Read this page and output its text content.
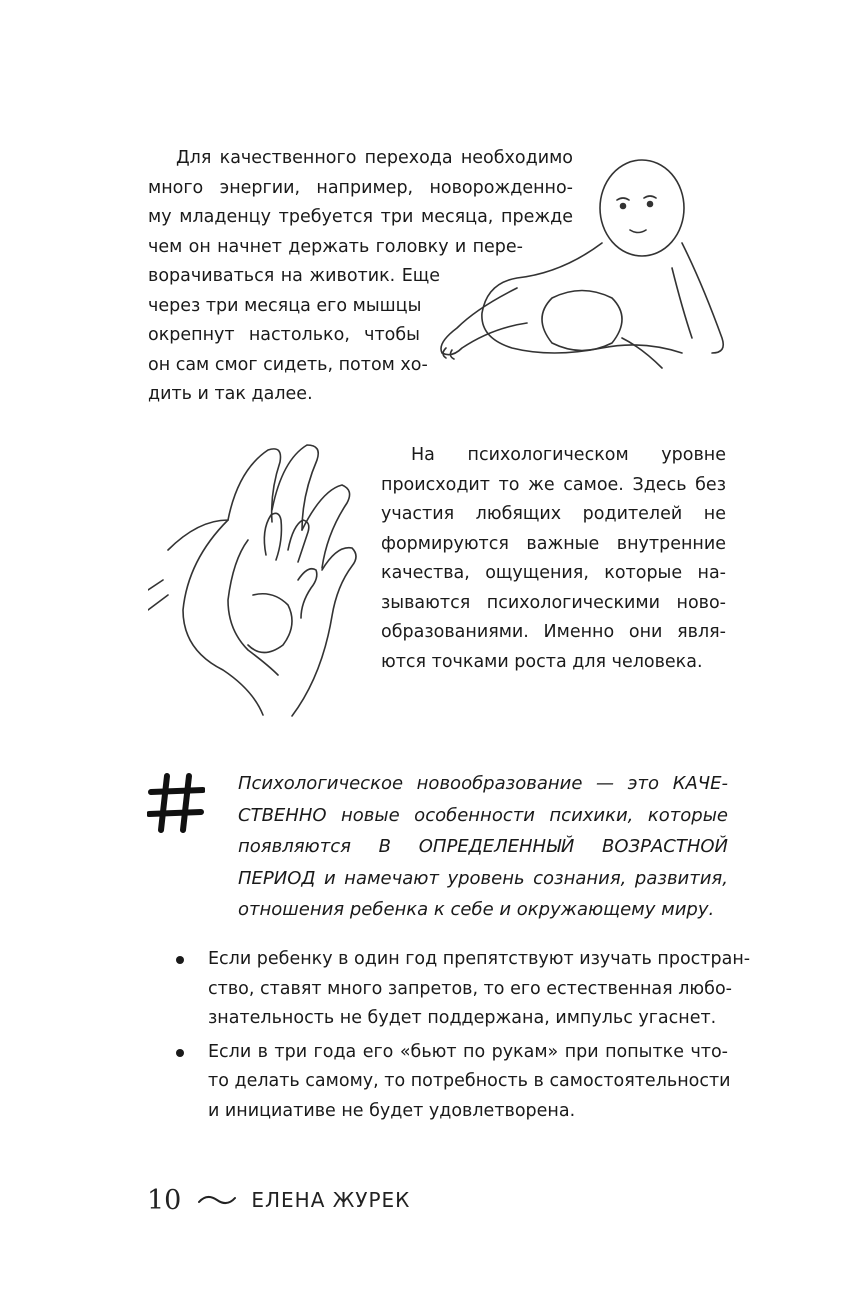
Для качественного перехода необходимо
много энергии, например, новорожденно-
му младенцу требуется три месяца, прежде
чем он начнет держать головку и пере-
ворачиваться на животик. Еще
через три месяца его мышцы
окрепнут настолько, чтобы
он сам смог сидеть, потом хо-
дить и так далее.

На психологическом уровне
происходит то же самое. Здесь без
участия любящих родителей не
формируются важные внутренние
качества, ощущения, которые на-
зываются психологическими ново-
образованиями. Именно они явля-
ются точками роста для человека.

Психологическое новообразование — это КАЧЕ-
СТВЕННО новые особенности психики, которые
появляются В ОПРЕДЕЛЕННЫЙ ВОЗРАСТНОЙ
ПЕРИОД и намечают уровень сознания, развития,
отношения ребенка к себе и окружающему миру.

Если ребенку в один год препятствуют изучать простран-
ство, ставят много запретов, то его естественная любо-
знательность не будет поддержана, импульс угаснет.
Если в три года его «бьют по рукам» при попытке что-
то делать самому, то потребность в самостоятельности
и инициативе не будет удовлетворена.
10	ЕЛЕНА ЖУРЕК
